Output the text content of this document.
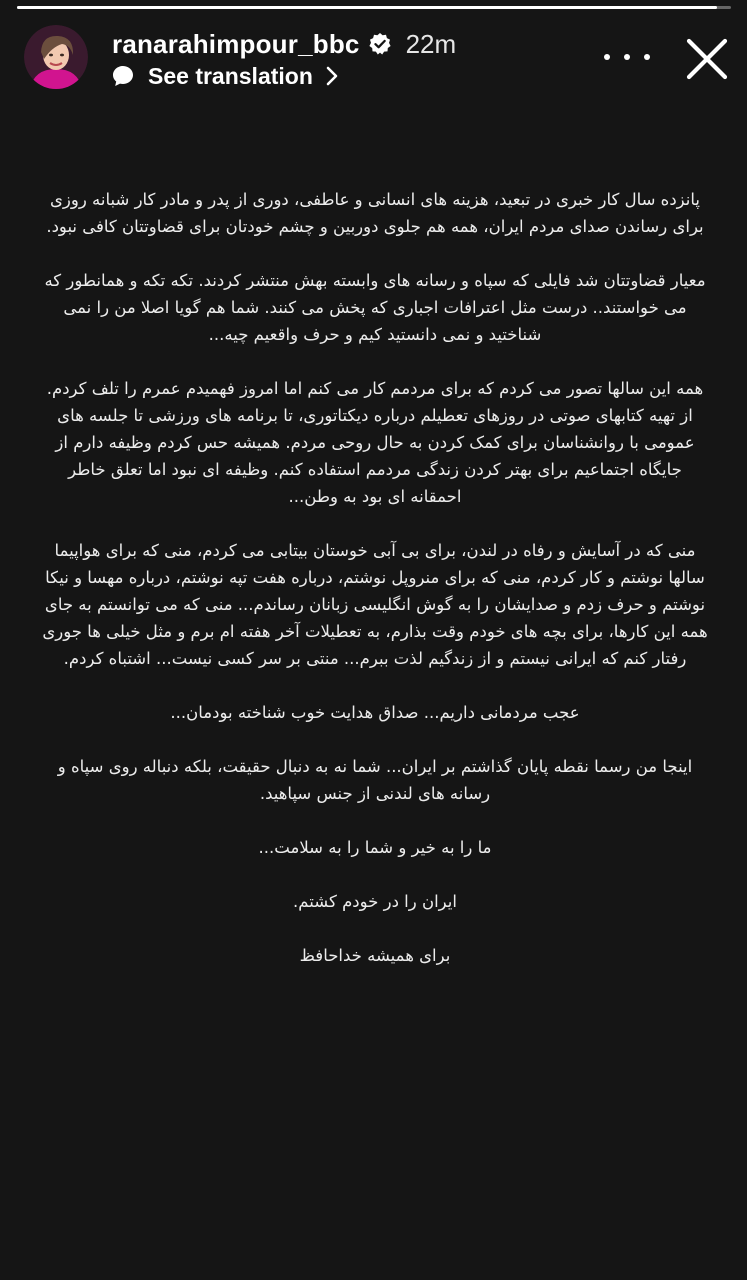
ranarahimpour_bbc 22m
See translation

پانزده سال کار خبری در تبعید، هزینه های انسانی و عاطفی، دوری از پدر و مادر کار شبانه روزی برای رساندن صدای مردم ایران، همه هم جلوی دوربین و چشم خودتان برای قضاوتتان کافی نبود.

معیار قضاوتتان شد فایلی که سپاه و رسانه های وابسته بهش منتشر کردند. تکه تکه و همانطور که می خواستند.. درست مثل اعترافات اجباری که پخش می کنند. شما هم گویا اصلا من را نمی شناختید و نمی دانستید کیم و حرف واقعیم چیه...

همه این سالها تصور می کردم که برای مردمم کار می کنم اما امروز فهمیدم عمرم را تلف کردم. از تهیه کتابهای صوتی در روزهای تعطیلم درباره دیکتاتوری، تا برنامه های ورزشی تا جلسه های عمومی با روانشناسان برای کمک کردن به حال روحی مردم. همیشه حس کردم وظیفه دارم از جایگاه اجتماعیم برای بهتر کردن زندگی مردمم استفاده کنم. وظیفه ای نبود اما تعلق خاطر احمقانه ای بود به وطن...

منی که در آسایش و رفاه در لندن، برای بی آبی خوستان بیتابی می کردم، منی که برای هواپیما سالها نوشتم و کار کردم، منی که برای منروپل نوشتم، درباره هفت تپه نوشتم، درباره مهسا و نیکا نوشتم و حرف زدم و صدایشان را به گوش انگلیسی زبانان رساندم... منی که می توانستم به جای همه این کارها، برای بچه های خودم وقت بذارم، به تعطیلات آخر هفته ام برم و مثل خیلی ها جوری رفتار کنم که ایرانی نیستم و از زندگیم لذت ببرم... منتی بر سر کسی نیست... اشتباه کردم.

عجب مردمانی داریم... صداق هدایت خوب شناخته بودمان...

اینجا من رسما نقطه پایان گذاشتم بر ایران... شما نه به دنبال حقیقت، بلکه دنباله روی سپاه و رسانه های لندنی از جنس سپاهید.

ما را به خیر و شما را به سلامت...

ایران را در خودم کشتم.

برای همیشه خداحافظ
